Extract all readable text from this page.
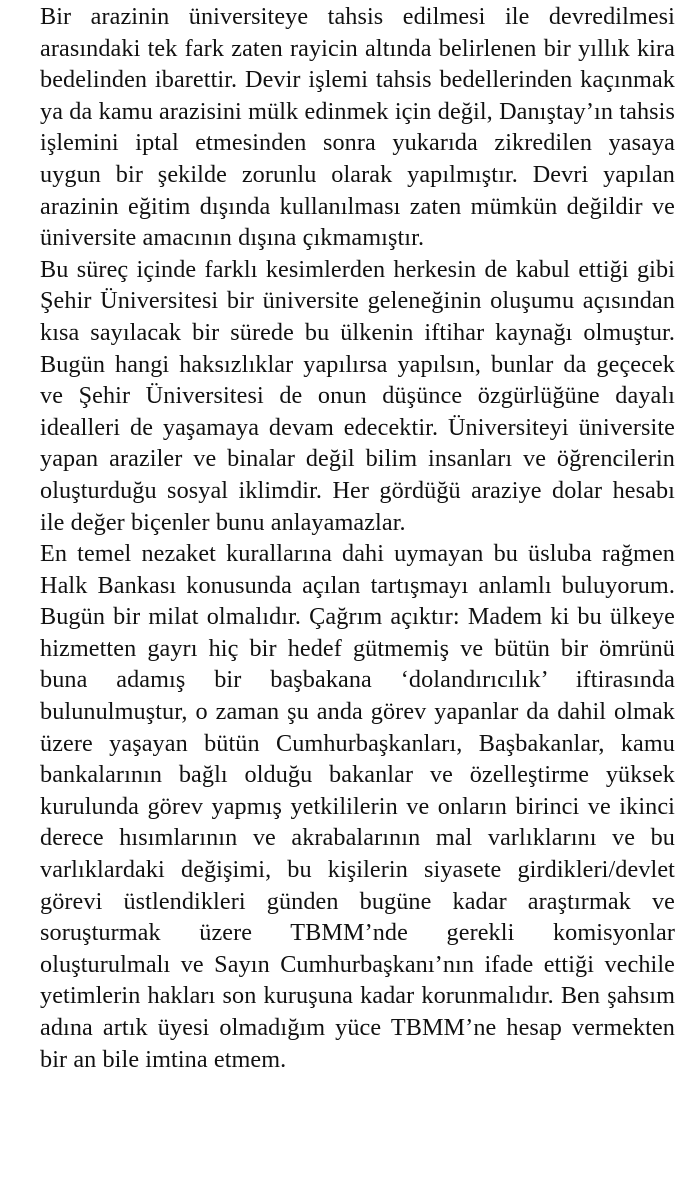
Bir arazinin üniversiteye tahsis edilmesi ile devredilmesi arasındaki tek fark zaten rayicin altında belirlenen bir yıllık kira bedelinden ibarettir. Devir işlemi tahsis bedellerinden kaçınmak ya da kamu arazisini mülk edinmek için değil, Danıştay’ın tahsis işlemini iptal etmesinden sonra yukarıda zikredilen yasaya uygun bir şekilde zorunlu olarak yapılmıştır. Devri yapılan arazinin eğitim dışında kullanılması zaten mümkün değildir ve üniversite amacının dışına çıkmamıştır.

Bu süreç içinde farklı kesimlerden herkesin de kabul ettiği gibi Şehir Üniversitesi bir üniversite geleneğinin oluşumu açısından kısa sayılacak bir sürede bu ülkenin iftihar kaynağı olmuştur. Bugün hangi haksızlıklar yapılırsa yapılsın, bunlar da geçecek ve Şehir Üniversitesi de onun düşünce özgürlüğüne dayalı idealleri de yaşamaya devam edecektir. Üniversiteyi üniversite yapan araziler ve binalar değil bilim insanları ve öğrencilerin oluşturduğu sosyal iklimdir. Her gördüğü araziye dolar hesabı ile değer biçenler bunu anlayamazlar.

En temel nezaket kurallarına dahi uymayan bu üsluba rağmen Halk Bankası konusunda açılan tartışmayı anlamlı buluyorum. Bugün bir milat olmalıdır. Çağrım açıktır: Madem ki bu ülkeye hizmetten gayrı hiç bir hedef gütmemiş ve bütün bir ömrünü buna adamış bir başbakana ‘dolandırıcılık’ iftirasında bulunulmuştur, o zaman şu anda görev yapanlar da dahil olmak üzere yaşayan bütün Cumhurbaşkanları, Başbakanlar, kamu bankalarının bağlı olduğu bakanlar ve özelleştirme yüksek kurulunda görev yapmış yetkililerin ve onların birinci ve ikinci derece hısımlarının ve akrabalarının mal varlıklarını ve bu varlıklardaki değişimi, bu kişilerin siyasete girdikleri/devlet görevi üstlendikleri günden bugüne kadar araştırmak ve soruşturmak üzere TBMM’nde gerekli komisyonlar oluşturulmalı ve Sayın Cumhurbaşkanı’nın ifade ettiği vechile yetimlerin hakları son kuruşuna kadar korunmalıdır. Ben şahsım adına artık üyesi olmadığım yüce TBMM’ne hesap vermekten bir an bile imtina etmem.
